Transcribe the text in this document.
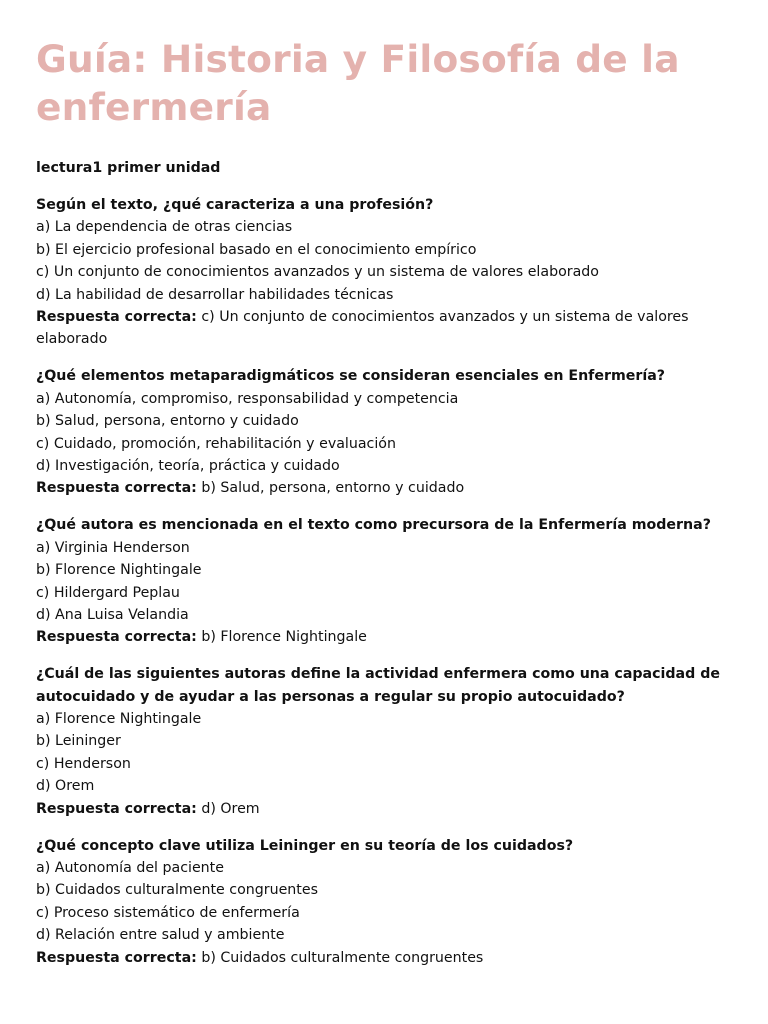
Guía: Historia y Filosofía de la enfermería

lectura1 primer unidad

Según el texto, ¿qué caracteriza a una profesión?

a) La dependencia de otras ciencias

b) El ejercicio profesional basado en el conocimiento empírico

c) Un conjunto de conocimientos avanzados y un sistema de valores elaborado

d) La habilidad de desarrollar habilidades técnicas

Respuesta correcta: c) Un conjunto de conocimientos avanzados y un sistema de valores elaborado

¿Qué elementos metaparadigmáticos se consideran esenciales en Enfermería?

a) Autonomía, compromiso, responsabilidad y competencia

b) Salud, persona, entorno y cuidado

c) Cuidado, promoción, rehabilitación y evaluación

d) Investigación, teoría, práctica y cuidado

Respuesta correcta: b) Salud, persona, entorno y cuidado

¿Qué autora es mencionada en el texto como precursora de la Enfermería moderna?

a) Virginia Henderson

b) Florence Nightingale

c) Hildergard Peplau

d) Ana Luisa Velandia

Respuesta correcta: b) Florence Nightingale

¿Cuál de las siguientes autoras define la actividad enfermera como una capacidad de autocuidado y de ayudar a las personas a regular su propio autocuidado?

a) Florence Nightingale

b) Leininger

c) Henderson

d) Orem

Respuesta correcta: d) Orem

¿Qué concepto clave utiliza Leininger en su teoría de los cuidados?

a) Autonomía del paciente

b) Cuidados culturalmente congruentes

c) Proceso sistemático de enfermería

d) Relación entre salud y ambiente

Respuesta correcta: b) Cuidados culturalmente congruentes
